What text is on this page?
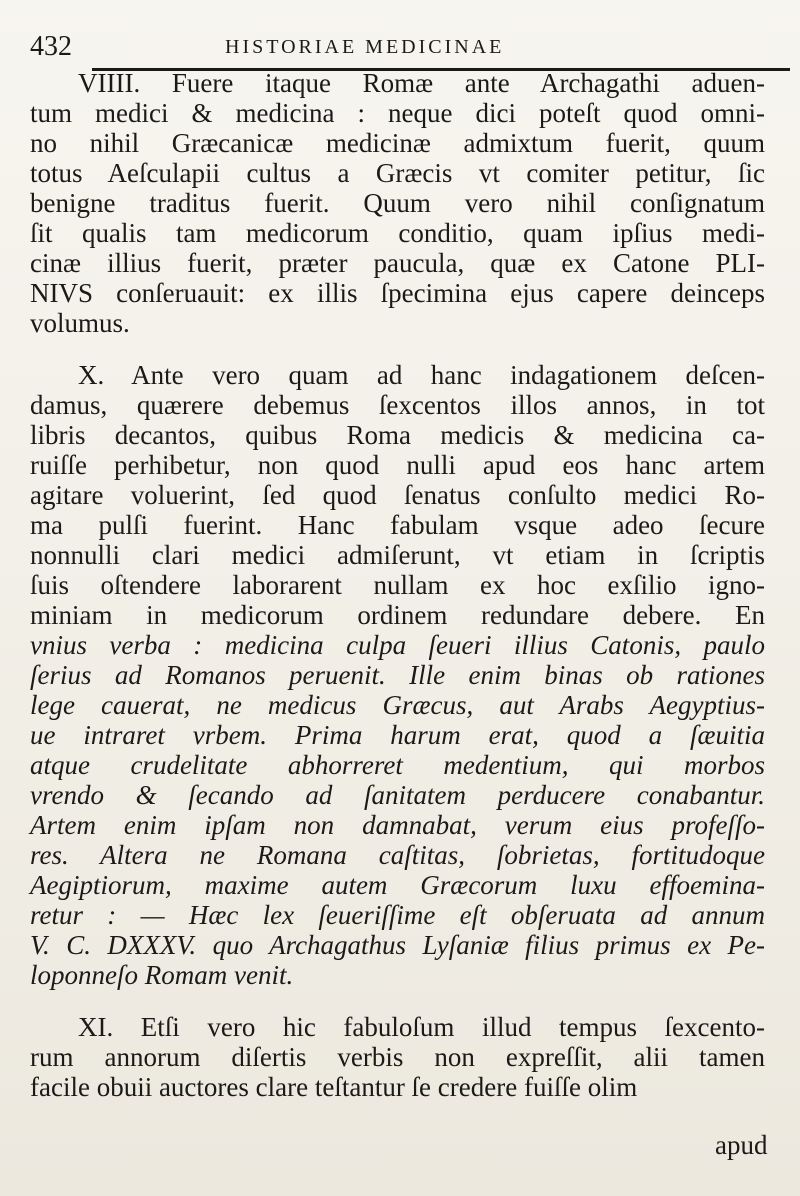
432	HISTORIAE MEDICINAE
VIIII. Fuere itaque Romæ ante Archagathi aduen-
tum medici & medicina : neque dici poteſt quod omni-
no nihil Græcanicæ medicinæ admixtum fuerit, quum
totus Aeſculapii cultus a Græcis vt comiter petitur, ſic
benigne traditus fuerit. Quum vero nihil conſignatum
ſit qualis tam medicorum conditio, quam ipſius medi-
cinæ illius fuerit, præter paucula, quæ ex Catone PLI-
NIVS conſeruauit: ex illis ſpecimina ejus capere deinceps
volumus.
X. Ante vero quam ad hanc indagationem deſcen-
damus, quærere debemus ſexcentos illos annos, in tot
libris decantos, quibus Roma medicis & medicina ca-
ruiſſe perhibetur, non quod nulli apud eos hanc artem
agitare voluerint, ſed quod ſenatus conſulto medici Ro-
ma pulſi fuerint. Hanc fabulam vsque adeo ſecure
nonnulli clari medici admiſerunt, vt etiam in ſcriptis
ſuis oſtendere laborarent nullam ex hoc exſilio igno-
miniam in medicorum ordinem redundare debere. En
vnius verba : medicina culpa ſeueri illius Catonis, paulo
ſerius ad Romanos peruenit. Ille enim binas ob rationes
lege cauerat, ne medicus Græcus, aut Arabs Aegyptius-
ue intraret vrbem. Prima harum erat, quod a ſæuitia
atque crudelitate abhorreret medentium, qui morbos
vrendo & ſecando ad ſanitatem perducere conabantur.
Artem enim ipſam non damnabat, verum eius profeſſo-
res. Altera ne Romana caſtitas, ſobrietas, fortitudoque
Aegiptiorum, maxime autem Græcorum luxu effoemina-
retur : — Hæc lex ſeueriſſime eſt obſeruata ad annum
V. C. DXXXV. quo Archagathus Lyſaniæ filius primus ex Pe-
loponneſo Romam venit.
XI. Etſi vero hic fabuloſum illud tempus ſexcento-
rum annorum diſertis verbis non expreſſit, alii tamen
facile obuii auctores clare teſtantur ſe credere fuiſſe olim
apud
